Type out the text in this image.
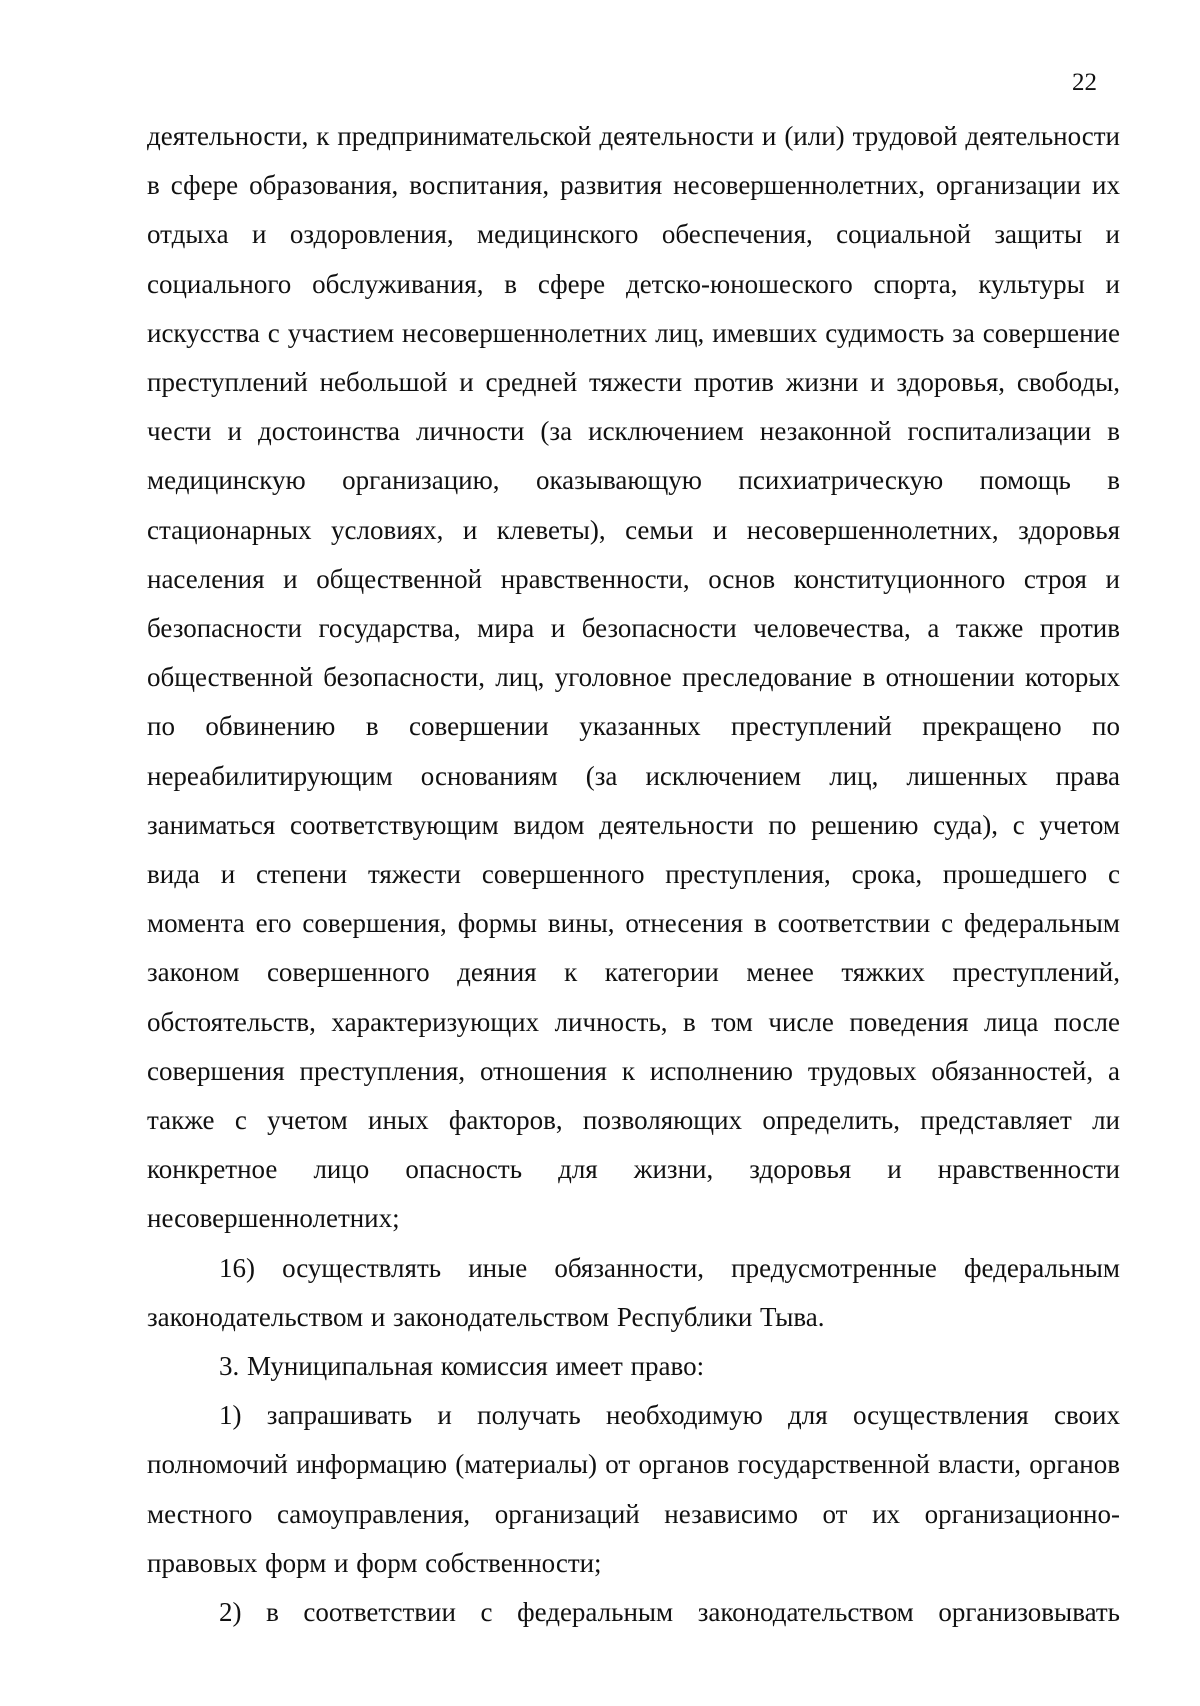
22

деятельности, к предпринимательской деятельности и (или) трудовой деятельности в сфере образования, воспитания, развития несовершеннолетних, организации их отдыха и оздоровления, медицинского обеспечения, социальной защиты и социального обслуживания, в сфере детско-юношеского спорта, культуры и искусства с участием несовершеннолетних лиц, имевших судимость за совершение преступлений небольшой и средней тяжести против жизни и здоровья, свободы, чести и достоинства личности (за исключением незаконной госпитализации в медицинскую организацию, оказывающую психиатрическую помощь в стационарных условиях, и клеветы), семьи и несовершеннолетних, здоровья населения и общественной нравственности, основ конституционного строя и безопасности государства, мира и безопасности человечества, а также против общественной безопасности, лиц, уголовное преследование в отношении которых по обвинению в совершении указанных преступлений прекращено по нереабилитирующим основаниям (за исключением лиц, лишенных права заниматься соответствующим видом деятельности по решению суда), с учетом вида и степени тяжести совершенного преступления, срока, прошедшего с момента его совершения, формы вины, отнесения в соответствии с федеральным законом совершенного деяния к категории менее тяжких преступлений, обстоятельств, характеризующих личность, в том числе поведения лица после совершения преступления, отношения к исполнению трудовых обязанностей, а также с учетом иных факторов, позволяющих определить, представляет ли конкретное лицо опасность для жизни, здоровья и нравственности несовершеннолетних;

16) осуществлять иные обязанности, предусмотренные федеральным законодательством и законодательством Республики Тыва.

3. Муниципальная комиссия имеет право:

1) запрашивать и получать необходимую для осуществления своих полномочий информацию (материалы) от органов государственной власти, органов местного самоуправления, организаций независимо от их организационно-правовых форм и форм собственности;

2) в соответствии с федеральным законодательством организовывать
